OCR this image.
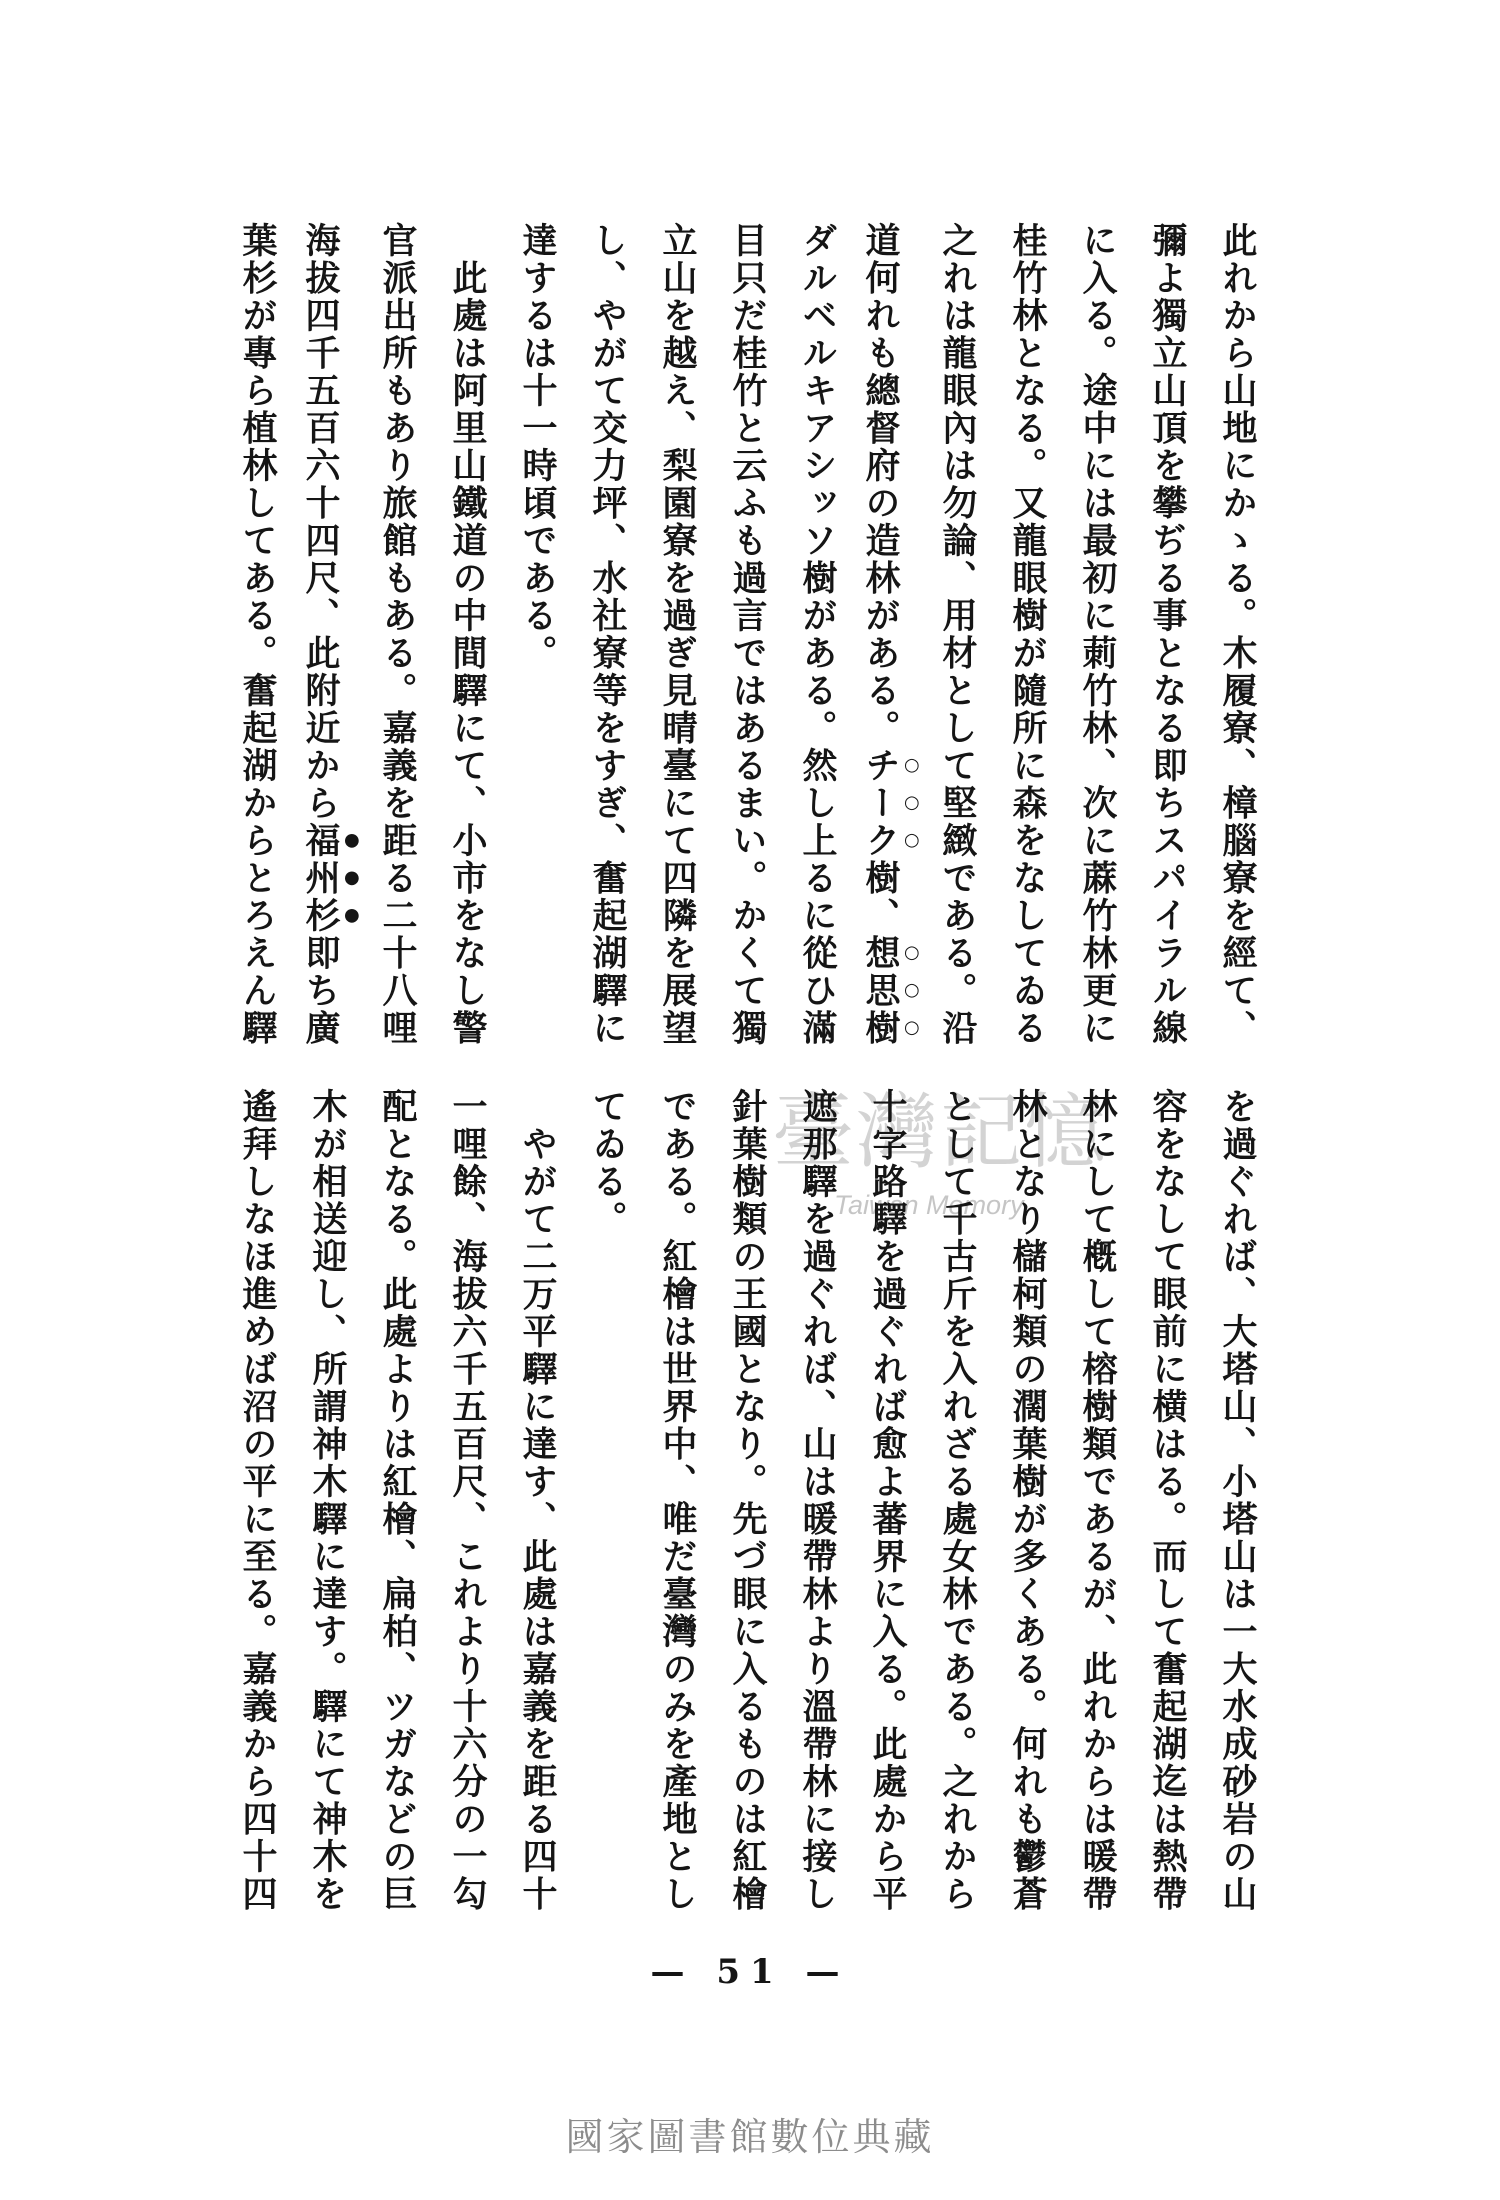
此れから山地にかゝる。木履寮、樟腦寮を經て、
彌よ獨立山頂を攀ぢる事となる即ちスパイラル線
に入る。途中には最初に莿竹林、次に蔴竹林更に
桂竹林となる。又龍眼樹が隨所に森をなしてゐる
之れは龍眼內は勿論、用材として堅緻である。沿
道何れも總督府の造林がある。チーク樹、想思樹
ダルベルキアシッソ樹がある。然し上るに從ひ滿
目只だ桂竹と云ふも過言ではあるまい。かくて獨
立山を越え、梨園寮を過ぎ見晴臺にて四隣を展望
し、やがて交力坪、水社寮等をすぎ、奮起湖驛に
達するは十一時頃である。
　此處は阿里山鐵道の中間驛にて、小市をなし警
官派出所もあり旅館もある。嘉義を距る二十八哩
海拔四千五百六十四尺、此附近から福州杉即ち廣
葉杉が專ら植林してある。奮起湖からとろえん驛
臺灣記憶
Taiwan Memory	を過ぐれば、大塔山、小塔山は一大水成砂岩の山
容をなして眼前に横はる。而して奮起湖迄は熱帶
林にして槪して榕樹類であるが、此れからは暖帶
林となり櫧柯類の濶葉樹が多くある。何れも鬱蒼
として千古斤を入れざる處女林である。之れから
十字路驛を過ぐれば愈よ蕃界に入る。此處から平
遮那驛を過ぐれば、山は暖帶林より溫帶林に接し
針葉樹類の王國となり。先づ眼に入るものは紅檜
である。紅檜は世界中、唯だ臺灣のみを產地とし
てゐる。
　やがて二万平驛に達す、此處は嘉義を距る四十
一哩餘、海拔六千五百尺、これより十六分の一勾
配となる。此處よりは紅檜、扁柏、ツガなどの巨
木が相送迎し、所謂神木驛に達す。驛にて神木を
遙拜しなほ進めば沼の平に至る。嘉義から四十四
— 51 —
國家圖書館數位典藏
